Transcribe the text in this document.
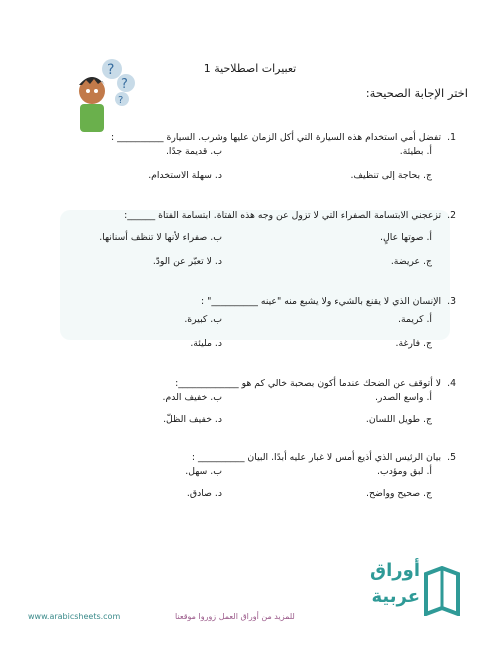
?
?
?
تعبيرات اصطلاحية 1
اختر الإجابة الصحيحة:
1.تفضل أمي استخدام هذه السيارة التي أكل الزمان عليها وشرب. السيارة __________ :
أ. بطيئة.
ب. قديمة جدًا.
ج. بحاجة إلى تنظيف.
د. سهلة الاستخدام.
2.تزعجني الابتسامة الصفراء التي لا تزول عن وجه هذه الفتاة. ابتسامة الفتاة ______:
أ. صوتها عالٍ.
ب. صفراء لأنها لا تنظف أسنانها.
ج. عريضة.
د. لا تعبّر عن الودّ.
3.الإنسان الذي لا يقنع بالشيء ولا يشبع منه "عينه __________" :
أ. كريمة.
ب. كبيرة.
ج. فارغة.
د. مليئة.
4.لا أتوقف عن الضحك عندما أكون بصحبة خالي كم هو _____________:
أ. واسع الصدر.
ب. خفيف الدم.
ج. طويل اللسان.
د. خفيف الظلّ.
5.بيان الرئيس الذي أذيع أمس لا غبار عليه أبدًا. البيان __________ :
أ. لبق ومؤدب.
ب. سهل.
ج. صحيح وواضح.
د. صادق.
أوراق
عربية
www.arabicsheets.com	للمزيد من أوراق العمل زوروا موقعنا
